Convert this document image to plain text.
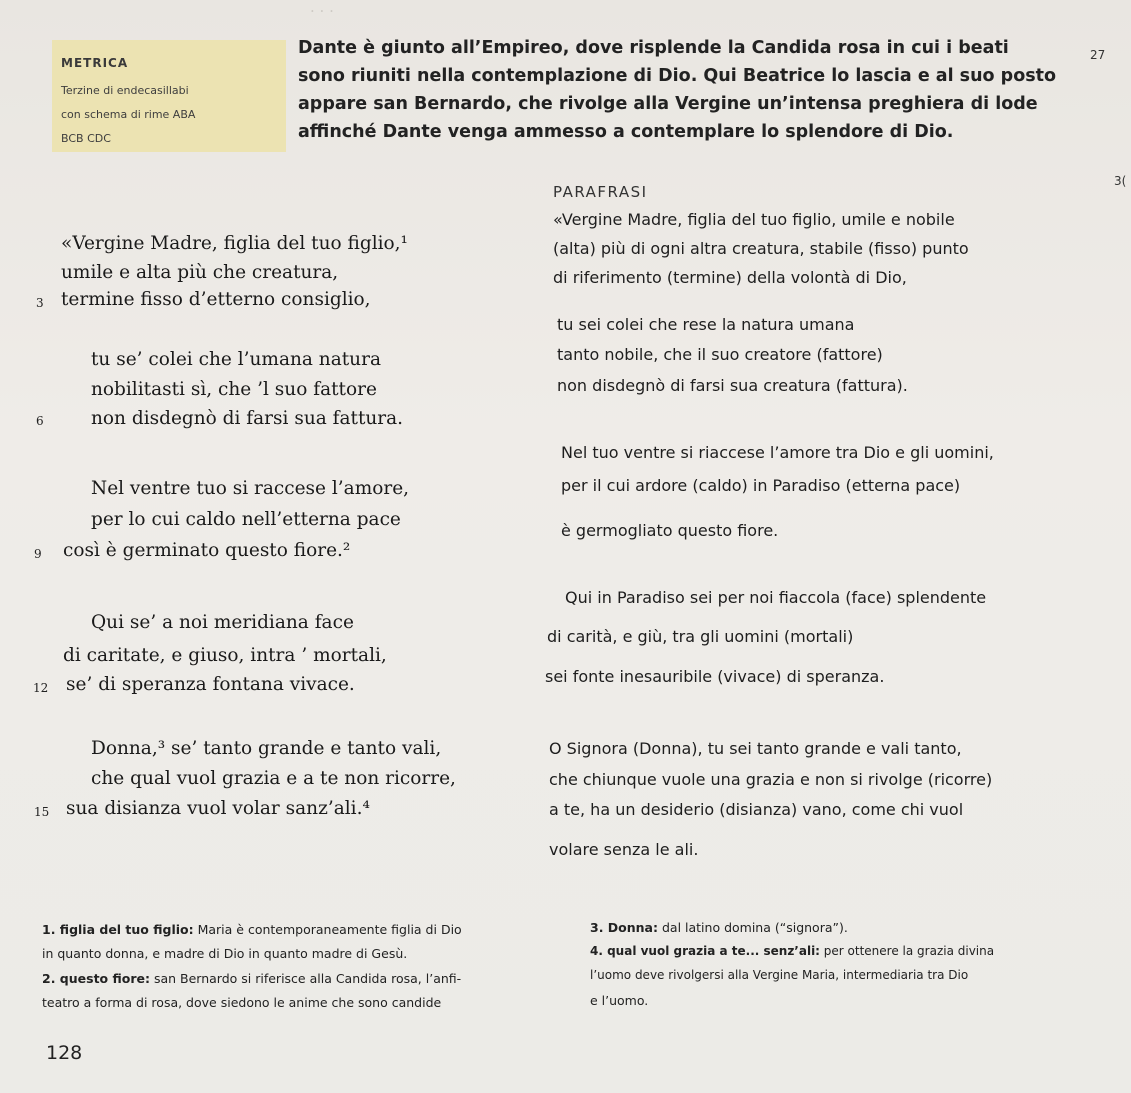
· · ·
METRICA
Terzine di endecasillabi
con schema di rime ABA
BCB CDC
Dante è giunto all’Empireo, dove risplende la Candida rosa in cui i beati
sono riuniti nella contemplazione di Dio. Qui Beatrice lo lascia e al suo posto
appare san Bernardo, che rivolge alla Vergine un’intensa preghiera di lode
affinché Dante venga ammesso a contemplare lo splendore di Dio.
27
3(
PARAFRASI
«Vergine Madre, figlia del tuo figlio,¹
umile e alta più che creatura,
3 termine fisso d’etterno consiglio,
«Vergine Madre, figlia del tuo figlio, umile e nobile
(alta) più di ogni altra creatura, stabile (fisso) punto
di riferimento (termine) della volontà di Dio,
tu se’ colei che l’umana natura
nobilitasti sì, che ’l suo fattore
6	non disdegnò di farsi sua fattura.
tu sei colei che rese la natura umana
tanto nobile, che il suo creatore (fattore)
non disdegnò di farsi sua creatura (fattura).
Nel ventre tuo si raccese l’amore,
per lo cui caldo nell’etterna pace
9 così è germinato questo fiore.²
Nel tuo ventre si riaccese l’amore tra Dio e gli uomini,
per il cui ardore (caldo) in Paradiso (etterna pace)
è germogliato questo fiore.
Qui se’ a noi meridiana face
di caritate, e giuso, intra ’ mortali,
12 se’ di speranza fontana vivace.
Qui in Paradiso sei per noi fiaccola (face) splendente
di carità, e giù, tra gli uomini (mortali)
sei fonte inesauribile (vivace) di speranza.
Donna,³ se’ tanto grande e tanto vali,
che qual vuol grazia e a te non ricorre,
15 sua disianza vuol volar sanz’ali.⁴
O Signora (Donna), tu sei tanto grande e vali tanto,
che chiunque vuole una grazia e non si rivolge (ricorre)
a te, ha un desiderio (disianza) vano, come chi vuol
volare senza le ali.
1. figlia del tuo figlio: Maria è contemporaneamente figlia di Dio
in quanto donna, e madre di Dio in quanto madre di Gesù.
2. questo fiore: san Bernardo si riferisce alla Candida rosa, l’anfi-
teatro a forma di rosa, dove siedono le anime che sono candide
3. Donna: dal latino domina (“signora”).
4. qual vuol grazia a te... senz’ali: per ottenere la grazia divina
l’uomo deve rivolgersi alla Vergine Maria, intermediaria tra Dio
e l’uomo.
128
